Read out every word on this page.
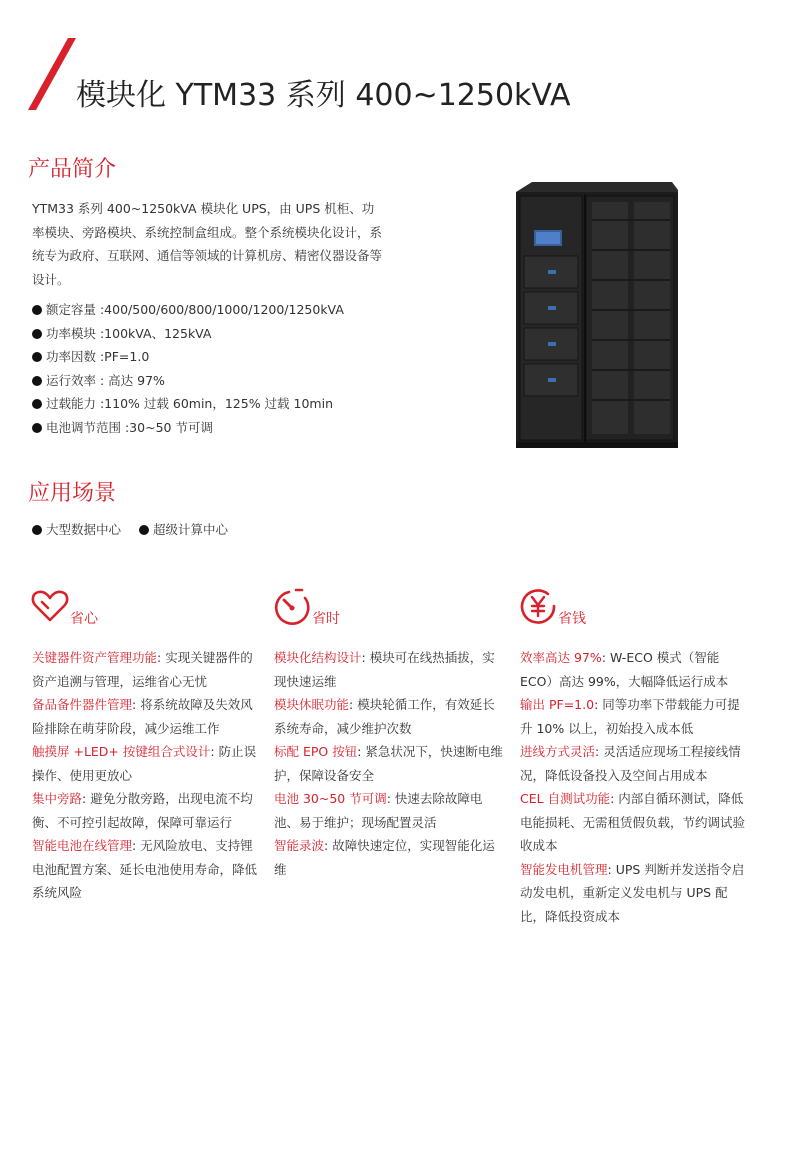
模块化 YTM33 系列 400~1250kVA
产品简介
YTM33 系列 400~1250kVA 模块化 UPS，由 UPS 机柜、功率模块、旁路模块、系统控制盒组成。整个系统模块化设计，系统专为政府、互联网、通信等领域的计算机房、精密仪器设备等设计。
额定容量 :400/500/600/800/1000/1200/1250kVA
功率模块 :100kVA、125kVA
功率因数 :PF=1.0
运行效率 : 高达 97%
过载能力 :110% 过载 60min，125% 过载 10min
电池调节范围 :30~50 节可调
应用场景
大型数据中心	超级计算中心
省心
关键器件资产管理功能: 实现关键器件的资产追溯与管理，运维省心无忧
备品备件器件管理: 将系统故障及失效风险排除在萌芽阶段，减少运维工作
触摸屏 +LED+ 按键组合式设计: 防止误操作、使用更放心
集中旁路: 避免分散旁路，出现电流不均衡、不可控引起故障，保障可靠运行
智能电池在线管理: 无风险放电、支持锂电池配置方案、延长电池使用寿命，降低系统风险
省时
模块化结构设计: 模块可在线热插拔，实现快速运维
模块休眠功能: 模块轮循工作，有效延长系统寿命，减少维护次数
标配 EPO 按钮: 紧急状况下，快速断电维护，保障设备安全
电池 30~50 节可调: 快速去除故障电池、易于维护；现场配置灵活
智能录波: 故障快速定位，实现智能化运维
省钱
效率高达 97%: W-ECO 模式（智能 ECO）高达 99%，大幅降低运行成本
输出 PF=1.0: 同等功率下带载能力可提升 10% 以上，初始投入成本低
进线方式灵活: 灵活适应现场工程接线情况，降低设备投入及空间占用成本
CEL 自测试功能: 内部自循环测试，降低电能损耗、无需租赁假负载，节约调试验收成本
智能发电机管理: UPS 判断并发送指令启动发电机，重新定义发电机与 UPS 配比，降低投资成本
